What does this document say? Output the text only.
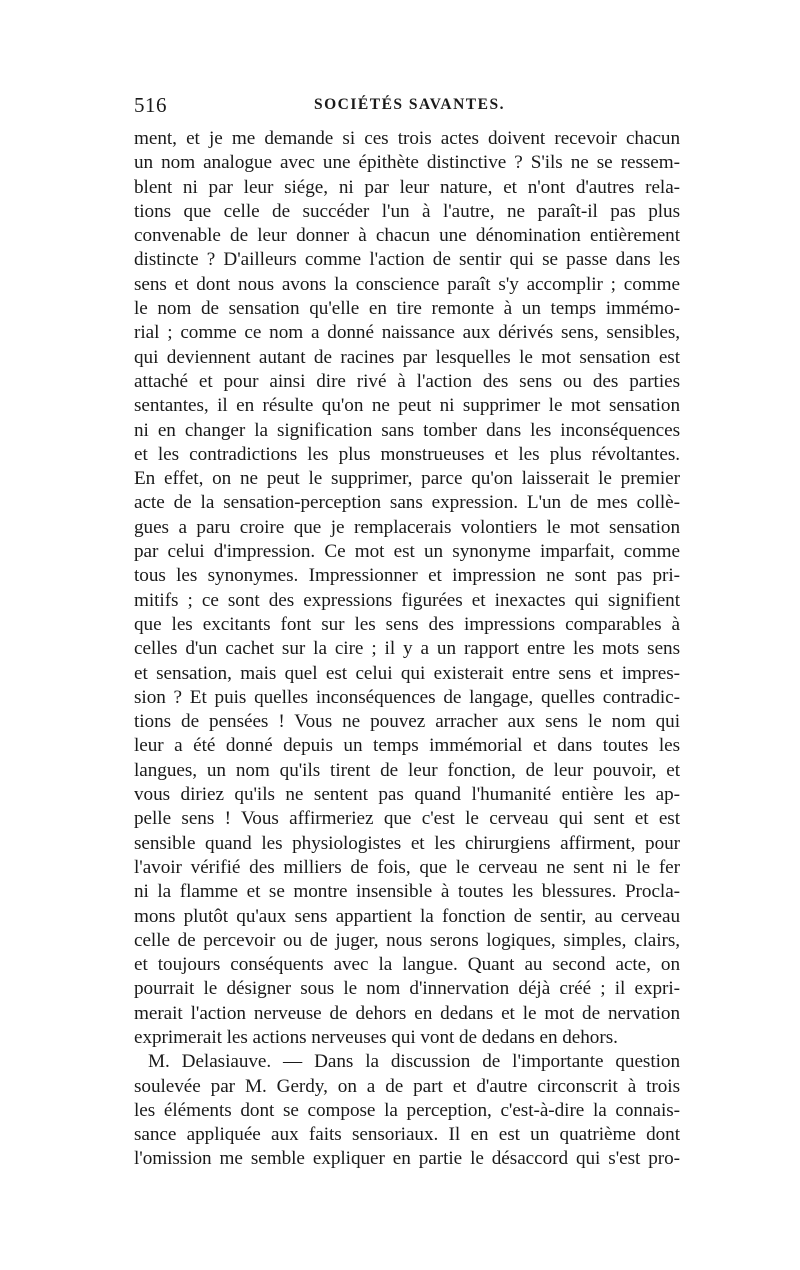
516	SOCIÉTÉS SAVANTES.
ment, et je me demande si ces trois actes doivent recevoir chacun
un nom analogue avec une épithète distinctive ? S'ils ne se ressem-
blent ni par leur siége, ni par leur nature, et n'ont d'autres rela-
tions que celle de succéder l'un à l'autre, ne paraît-il pas plus
convenable de leur donner à chacun une dénomination entièrement
distincte ? D'ailleurs comme l'action de sentir qui se passe dans les
sens et dont nous avons la conscience paraît s'y accomplir ; comme
le nom de sensation qu'elle en tire remonte à un temps immémo-
rial ; comme ce nom a donné naissance aux dérivés sens, sensibles,
qui deviennent autant de racines par lesquelles le mot sensation est
attaché et pour ainsi dire rivé à l'action des sens ou des parties
sentantes, il en résulte qu'on ne peut ni supprimer le mot sensation
ni en changer la signification sans tomber dans les inconséquences
et les contradictions les plus monstrueuses et les plus révoltantes.
En effet, on ne peut le supprimer, parce qu'on laisserait le premier
acte de la sensation-perception sans expression. L'un de mes collè-
gues a paru croire que je remplacerais volontiers le mot sensation
par celui d'impression. Ce mot est un synonyme imparfait, comme
tous les synonymes. Impressionner et impression ne sont pas pri-
mitifs ; ce sont des expressions figurées et inexactes qui signifient
que les excitants font sur les sens des impressions comparables à
celles d'un cachet sur la cire ; il y a un rapport entre les mots sens
et sensation, mais quel est celui qui existerait entre sens et impres-
sion ? Et puis quelles inconséquences de langage, quelles contradic-
tions de pensées ! Vous ne pouvez arracher aux sens le nom qui
leur a été donné depuis un temps immémorial et dans toutes les
langues, un nom qu'ils tirent de leur fonction, de leur pouvoir, et
vous diriez qu'ils ne sentent pas quand l'humanité entière les ap-
pelle sens ! Vous affirmeriez que c'est le cerveau qui sent et est
sensible quand les physiologistes et les chirurgiens affirment, pour
l'avoir vérifié des milliers de fois, que le cerveau ne sent ni le fer
ni la flamme et se montre insensible à toutes les blessures. Procla-
mons plutôt qu'aux sens appartient la fonction de sentir, au cerveau
celle de percevoir ou de juger, nous serons logiques, simples, clairs,
et toujours conséquents avec la langue. Quant au second acte, on
pourrait le désigner sous le nom d'innervation déjà créé ; il expri-
merait l'action nerveuse de dehors en dedans et le mot de nervation
exprimerait les actions nerveuses qui vont de dedans en dehors.
M. Delasiauve. — Dans la discussion de l'importante question
soulevée par M. Gerdy, on a de part et d'autre circonscrit à trois
les éléments dont se compose la perception, c'est-à-dire la connais-
sance appliquée aux faits sensoriaux. Il en est un quatrième dont
l'omission me semble expliquer en partie le désaccord qui s'est pro-
